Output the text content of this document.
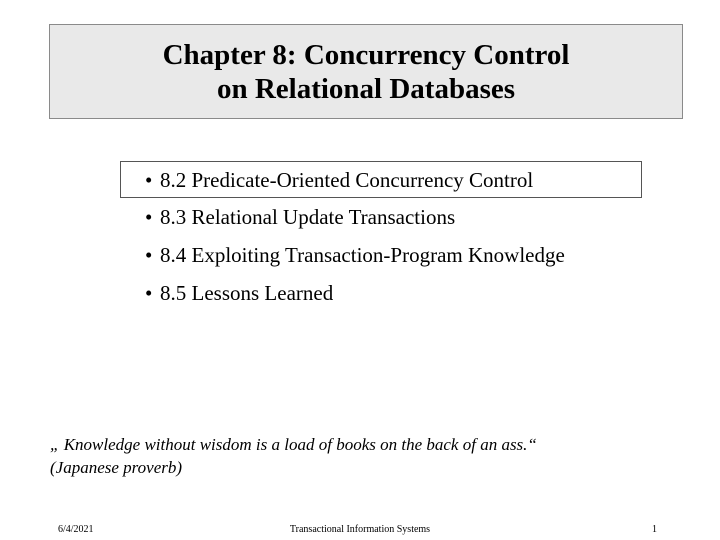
Chapter 8: Concurrency Control
on Relational Databases
• 8.2 Predicate-Oriented Concurrency Control
• 8.3 Relational Update Transactions
• 8.4 Exploiting Transaction-Program Knowledge
• 8.5 Lessons Learned
„ Knowledge without wisdom is a load of books on the back of an ass.“
(Japanese proverb)
6/4/2021	Transactional Information Systems	1
